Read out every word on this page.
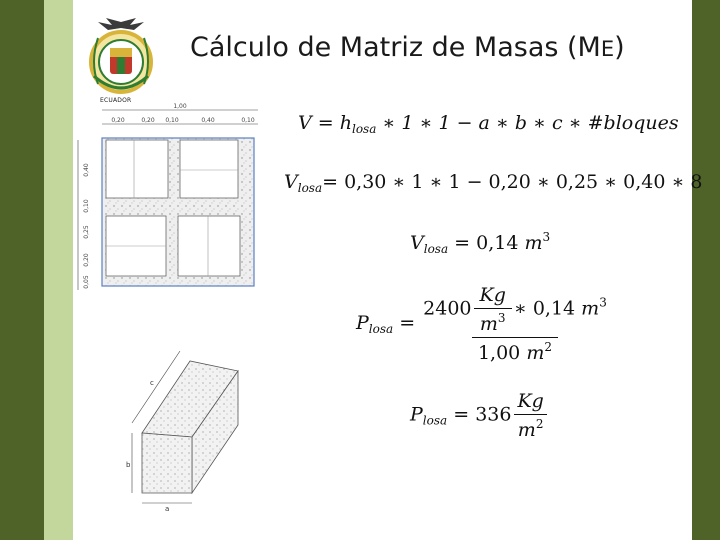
ECUADOR
Cálculo de Matriz de Masas (ME)
1,00
0,20	0,20 0,10	0,40	0,10
0,40
0,10
0,25
0,20
0,05
b
a
c
$V = h_{losa}$ ∗ 1 ∗ 1 − a ∗ b ∗ c ∗ #bloques
$V_{losa}= 0,30$ ∗ 1 ∗ 1 − 0,20 ∗ 0,25 ∗ 0,40 ∗ 8
$V_{losa} = 0,14$ $m^3$
$P_{losa} = \frac{2400 \frac{Kg}{m^3} ∗ 0,14 m^3}{1,00 m^2}$
$P_{losa} = 336 \frac{Kg}{m^2}$
